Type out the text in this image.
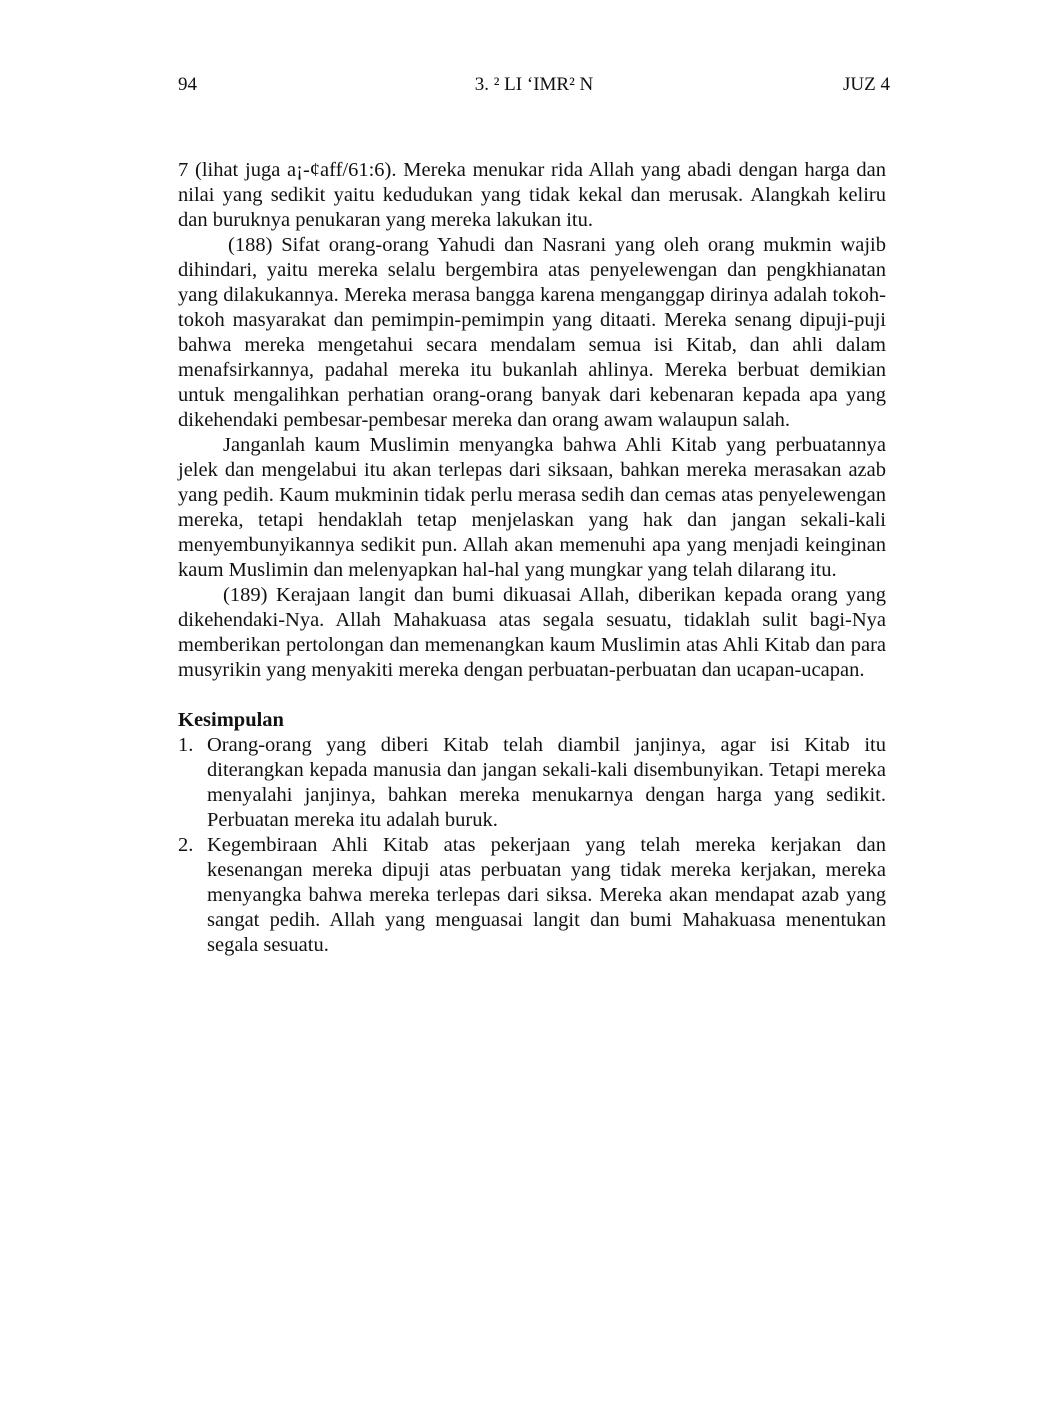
94	3. ² LI ‘IMR² N	JUZ 4

7 (lihat juga a¡-¢aff/61:6). Mereka menukar rida Allah yang abadi dengan harga dan nilai yang sedikit yaitu kedudukan yang tidak kekal dan merusak. Alangkah keliru dan buruknya penukaran yang mereka lakukan itu.

(188) Sifat orang-orang Yahudi dan Nasrani yang oleh orang mukmin wajib dihindari, yaitu mereka selalu bergembira atas penyelewengan dan pengkhianatan yang dilakukannya. Mereka merasa bangga karena menganggap dirinya adalah tokoh-tokoh masyarakat dan pemimpin-pemimpin yang ditaati. Mereka senang dipuji-puji bahwa mereka mengetahui secara mendalam semua isi Kitab, dan ahli dalam menafsirkannya, padahal mereka itu bukanlah ahlinya. Mereka berbuat demikian untuk mengalihkan perhatian orang-orang banyak dari kebenaran kepada apa yang dikehendaki pembesar-pembesar mereka dan orang awam walaupun salah.

Janganlah kaum Muslimin menyangka bahwa Ahli Kitab yang perbuatannya jelek dan mengelabui itu akan terlepas dari siksaan, bahkan mereka merasakan azab yang pedih. Kaum mukminin tidak perlu merasa sedih dan cemas atas penyelewengan mereka, tetapi hendaklah tetap menjelaskan yang hak dan jangan sekali-kali menyembunyikannya sedikit pun. Allah akan memenuhi apa yang menjadi keinginan kaum Muslimin dan melenyapkan hal-hal yang mungkar yang telah dilarang itu.

(189) Kerajaan langit dan bumi dikuasai Allah, diberikan kepada orang yang dikehendaki-Nya. Allah Mahakuasa atas segala sesuatu, tidaklah sulit bagi-Nya memberikan pertolongan dan memenangkan kaum Muslimin atas Ahli Kitab dan para musyrikin yang menyakiti mereka dengan perbuatan-perbuatan dan ucapan-ucapan.

Kesimpulan

1. Orang-orang yang diberi Kitab telah diambil janjinya, agar isi Kitab itu diterangkan kepada manusia dan jangan sekali-kali disembunyikan. Tetapi mereka menyalahi janjinya, bahkan mereka menukarnya dengan harga yang sedikit. Perbuatan mereka itu adalah buruk.
2. Kegembiraan Ahli Kitab atas pekerjaan yang telah mereka kerjakan dan kesenangan mereka dipuji atas perbuatan yang tidak mereka kerjakan, mereka menyangka bahwa mereka terlepas dari siksa. Mereka akan mendapat azab yang sangat pedih. Allah yang menguasai langit dan bumi Mahakuasa menentukan segala sesuatu.
